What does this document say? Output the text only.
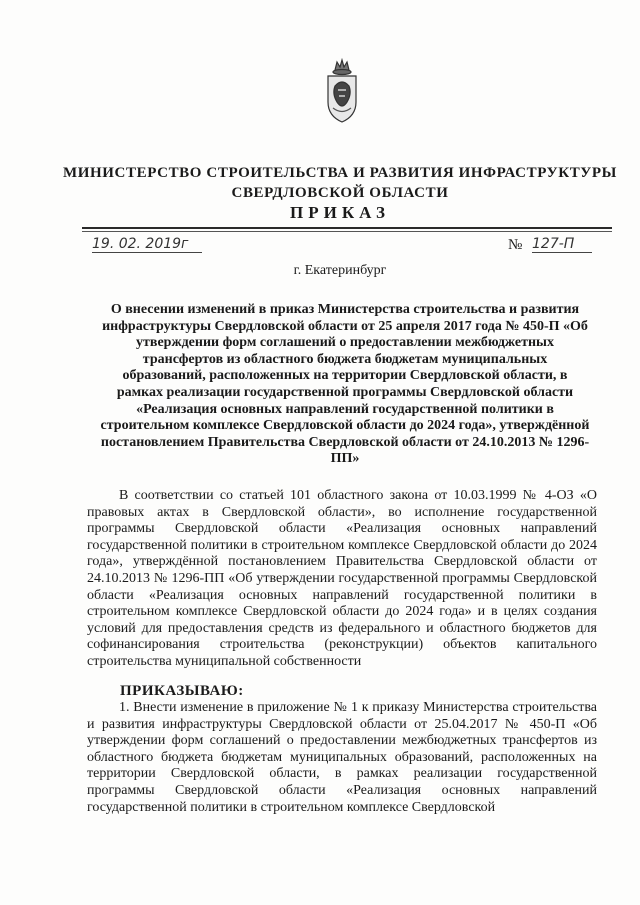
МИНИСТЕРСТВО СТРОИТЕЛЬСТВА И РАЗВИТИЯ ИНФРАСТРУКТУРЫ
СВЕРДЛОВСКОЙ ОБЛАСТИ
ПРИКАЗ
19. 02. 2019г	№ 127-П
г. Екатеринбург
О внесении изменений в приказ Министерства строительства и развития инфраструктуры Свердловской области от 25 апреля 2017 года № 450-П «Об утверждении форм соглашений о предоставлении межбюджетных трансфертов из областного бюджета бюджетам муниципальных образований, расположенных на территории Свердловской области, в рамках реализации государственной программы Свердловской области «Реализация основных направлений государственной политики в строительном комплексе Свердловской области до 2024 года», утверждённой постановлением Правительства Свердловской области от 24.10.2013 № 1296-ПП»
В соответствии со статьей 101 областного закона от 10.03.1999 № 4-ОЗ «О правовых актах в Свердловской области», во исполнение государственной программы Свердловской области «Реализация основных направлений государственной политики в строительном комплексе Свердловской области до 2024 года», утверждённой постановлением Правительства Свердловской области от 24.10.2013 № 1296-ПП «Об утверждении государственной программы Свердловской области «Реализация основных направлений государственной политики в строительном комплексе Свердловской области до 2024 года» и в целях создания условий для предоставления средств из федерального и областного бюджетов для софинансирования строительства (реконструкции) объектов капитального строительства муниципальной собственности
ПРИКАЗЫВАЮ:
1. Внести изменение в приложение № 1 к приказу Министерства строительства и развития инфраструктуры Свердловской области от 25.04.2017 № 450-П «Об утверждении форм соглашений о предоставлении межбюджетных трансфертов из областного бюджета бюджетам муниципальных образований, расположенных на территории Свердловской области, в рамках реализации государственной программы Свердловской области «Реализация основных направлений государственной политики в строительном комплексе Свердловской
